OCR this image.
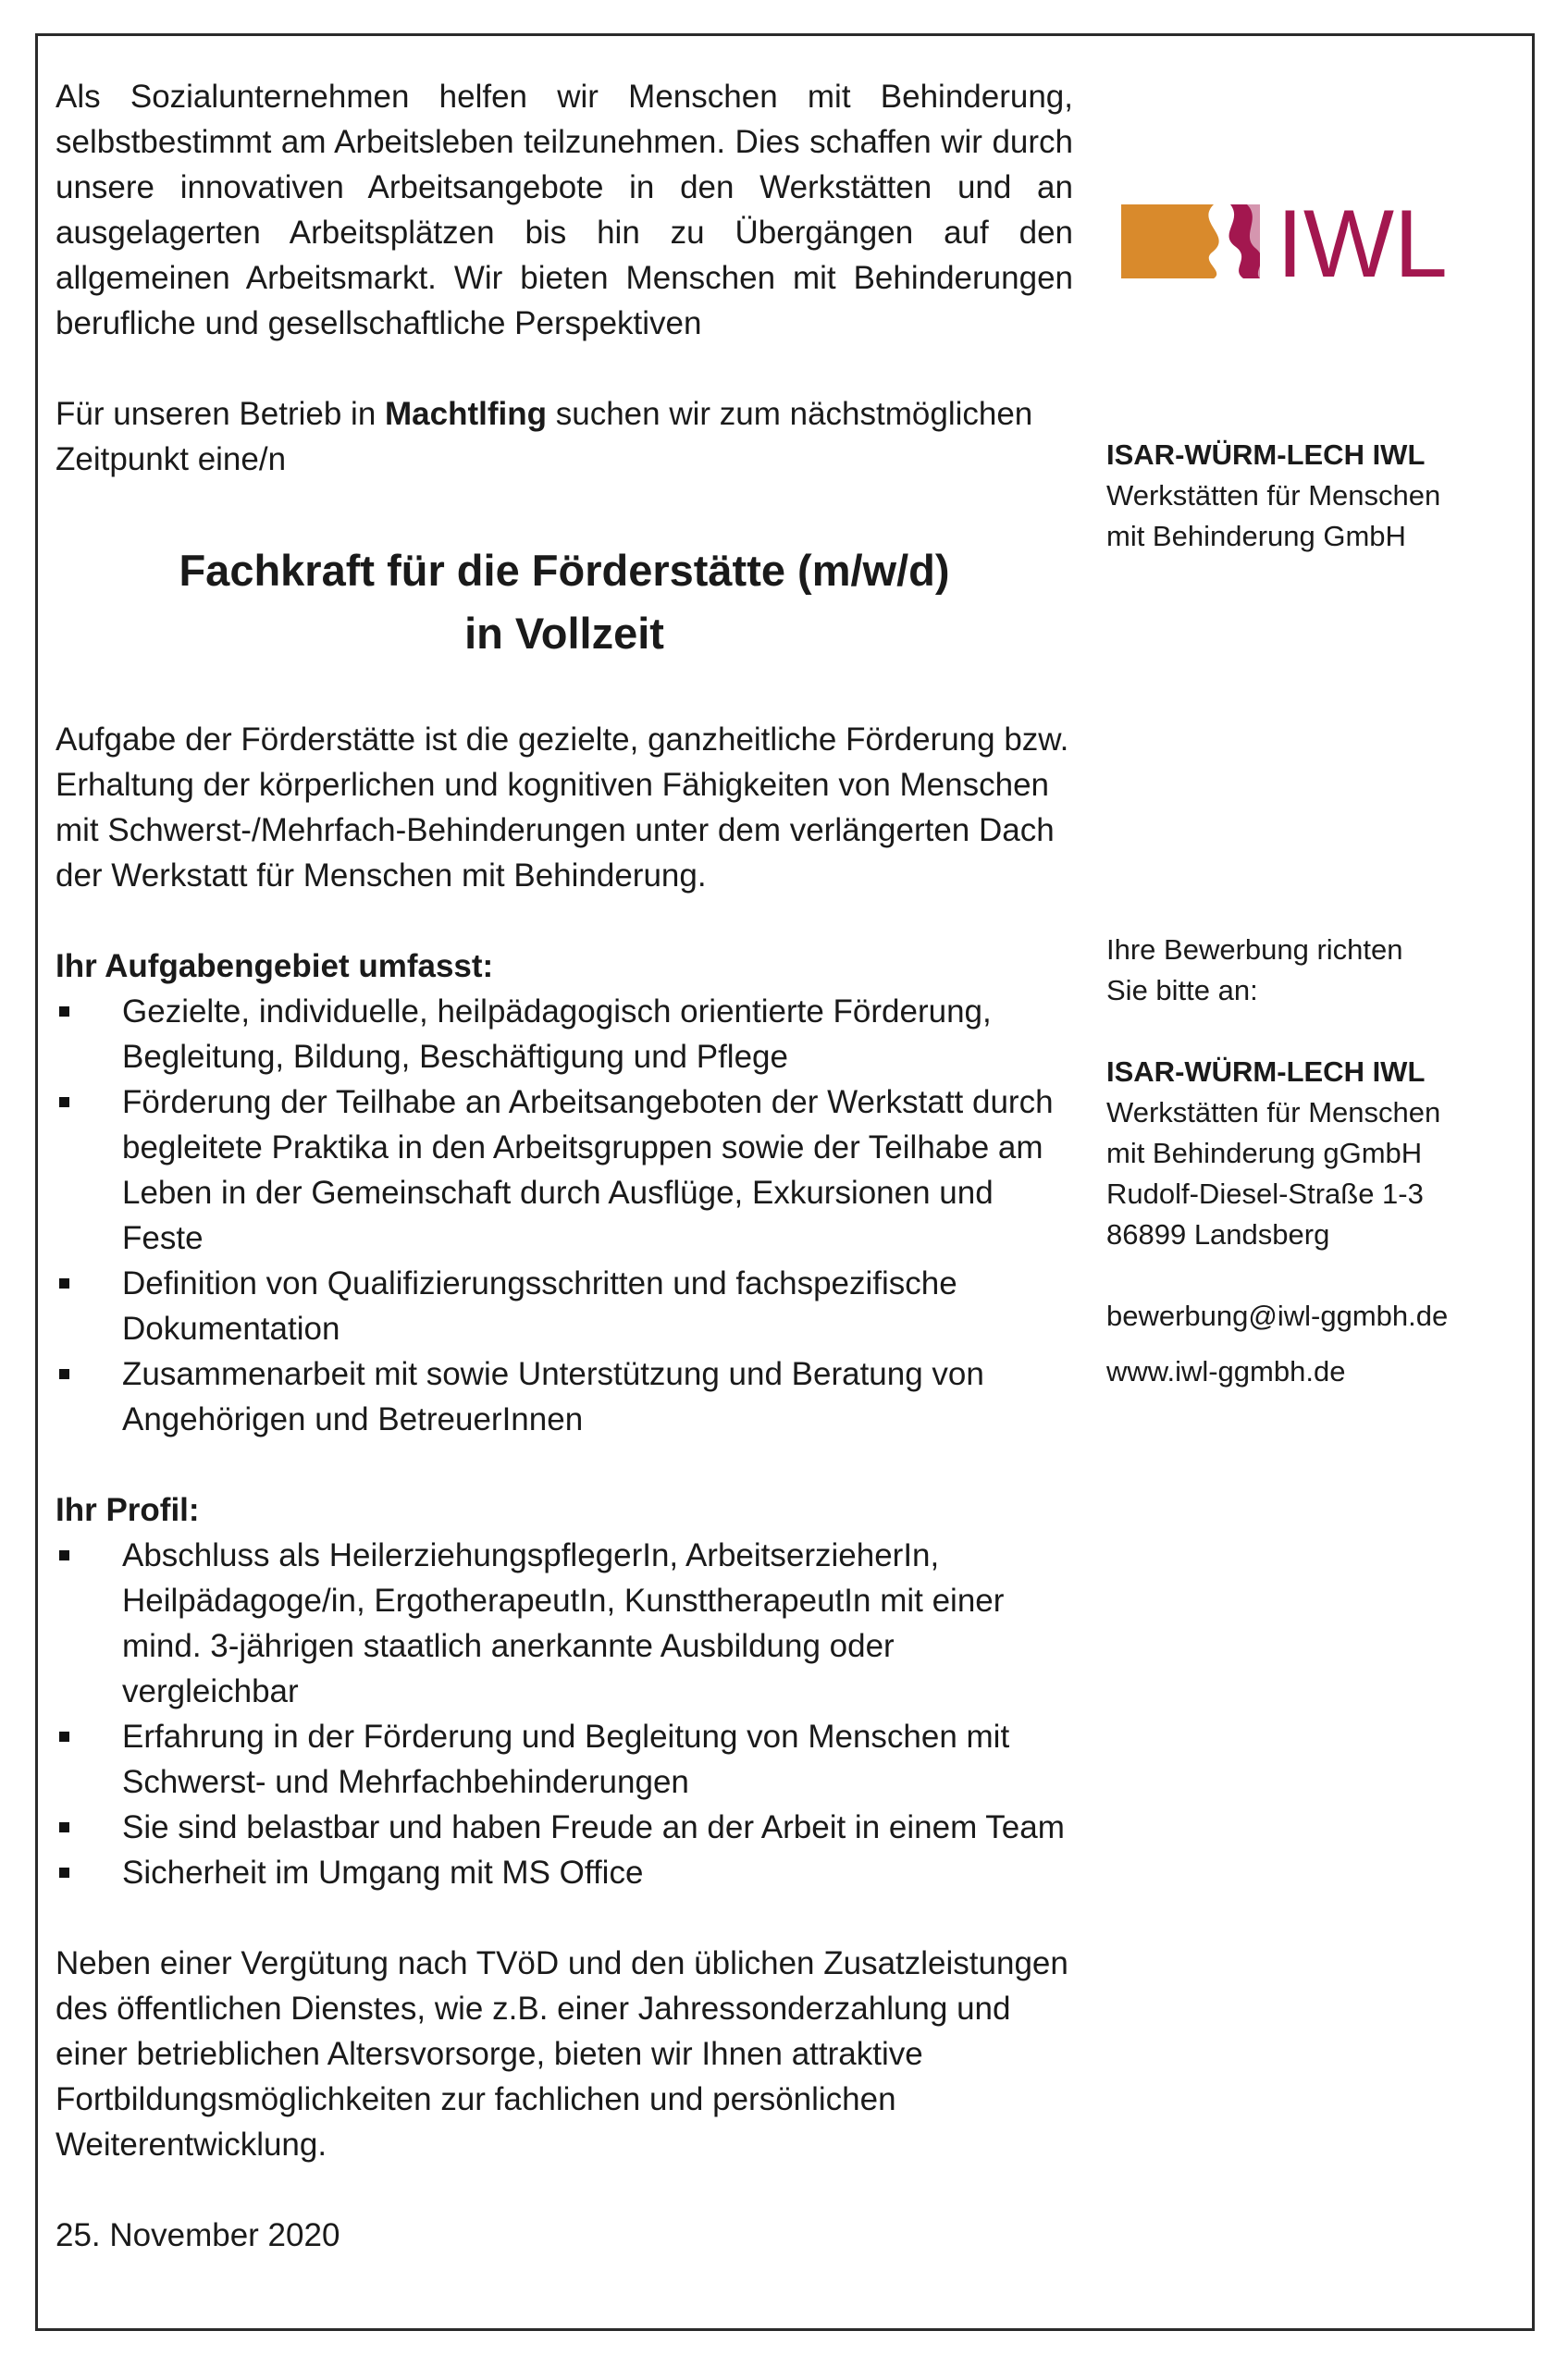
Als Sozialunternehmen helfen wir Menschen mit Behinderung, selbstbestimmt am Arbeitsleben teilzunehmen. Dies schaffen wir durch unsere innovativen Arbeitsangebote in den Werkstätten und an ausgelagerten Arbeitsplätzen bis hin zu Übergängen auf den allgemeinen Arbeitsmarkt. Wir bieten Menschen mit Behinderungen berufliche und gesellschaftliche Perspektiven

Für unseren Betrieb in Machtlfing suchen wir zum nächstmöglichen Zeitpunkt eine/n

Fachkraft für die Förderstätte (m/w/d)

in Vollzeit

Aufgabe der Förderstätte ist die gezielte, ganzheitliche Förderung bzw. Erhaltung der körperlichen und kognitiven Fähigkeiten von Menschen mit Schwerst-/Mehrfach-Behinderungen unter dem verlängerten Dach der Werkstatt für Menschen mit Behinderung.

Ihr Aufgabengebiet umfasst:

Gezielte, individuelle, heilpädagogisch orientierte Förderung, Begleitung, Bildung, Beschäftigung und Pflege
Förderung der Teilhabe an Arbeitsangeboten der Werkstatt durch begleitete Praktika in den Arbeitsgruppen sowie der Teilhabe am Leben in der Gemeinschaft durch Ausflüge, Exkursionen und Feste
Definition von Qualifizierungsschritten und fachspezifische Dokumentation
Zusammenarbeit mit sowie Unterstützung und Beratung von Angehörigen und BetreuerInnen

Ihr Profil:

Abschluss als HeilerziehungspflegerIn, ArbeitserzieherIn, Heilpädagoge/in, ErgotherapeutIn, KunsttherapeutIn mit einer mind. 3-jährigen staatlich anerkannte Ausbildung oder vergleichbar
Erfahrung in der Förderung und Begleitung von Menschen mit Schwerst- und Mehrfachbehinderungen
Sie sind belastbar und haben Freude an der Arbeit in einem Team
Sicherheit im Umgang mit MS Office

Neben einer Vergütung nach TVöD und den üblichen Zusatzleistungen des öffentlichen Dienstes, wie z.B. einer Jahressonderzahlung und einer betrieblichen Altersvorsorge, bieten wir Ihnen attraktive Fortbildungsmöglichkeiten zur fachlichen und persönlichen Weiterentwicklung.

25. November 2020

IWL

ISAR-WÜRM-LECH IWL

Werkstätten für Menschen

mit Behinderung GmbH

Ihre Bewerbung richten

Sie bitte an:

ISAR-WÜRM-LECH IWL

Werkstätten für Menschen

mit Behinderung gGmbH

Rudolf-Diesel-Straße 1-3

86899 Landsberg

bewerbung@iwl-ggmbh.de

www.iwl-ggmbh.de
